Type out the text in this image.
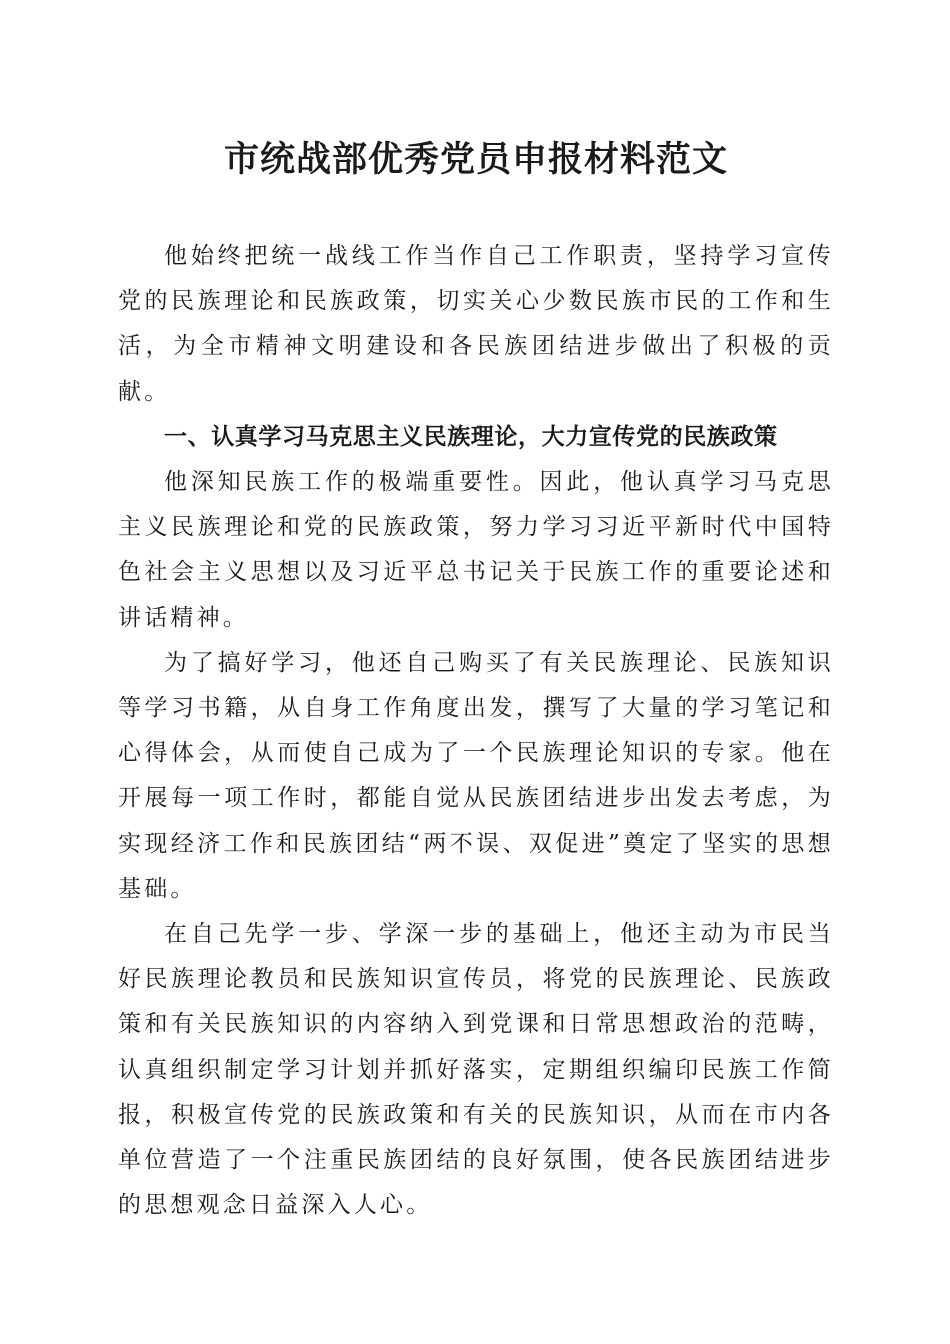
市统战部优秀党员申报材料范文

他始终把统一战线工作当作自己工作职责，坚持学习宣传党的民族理论和民族政策，切实关心少数民族市民的工作和生活，为全市精神文明建设和各民族团结进步做出了积极的贡献。

一、认真学习马克思主义民族理论，大力宣传党的民族政策

他深知民族工作的极端重要性。因此，他认真学习马克思主义民族理论和党的民族政策，努力学习习近平新时代中国特色社会主义思想以及习近平总书记关于民族工作的重要论述和讲话精神。

为了搞好学习，他还自己购买了有关民族理论、民族知识等学习书籍，从自身工作角度出发，撰写了大量的学习笔记和心得体会，从而使自己成为了一个民族理论知识的专家。他在开展每一项工作时，都能自觉从民族团结进步出发去考虑，为实现经济工作和民族团结“两不误、双促进”奠定了坚实的思想基础。

在自己先学一步、学深一步的基础上，他还主动为市民当好民族理论教员和民族知识宣传员，将党的民族理论、民族政策和有关民族知识的内容纳入到党课和日常思想政治的范畴，认真组织制定学习计划并抓好落实，定期组织编印民族工作简报，积极宣传党的民族政策和有关的民族知识，从而在市内各单位营造了一个注重民族团结的良好氛围，使各民族团结进步的思想观念日益深入人心。
